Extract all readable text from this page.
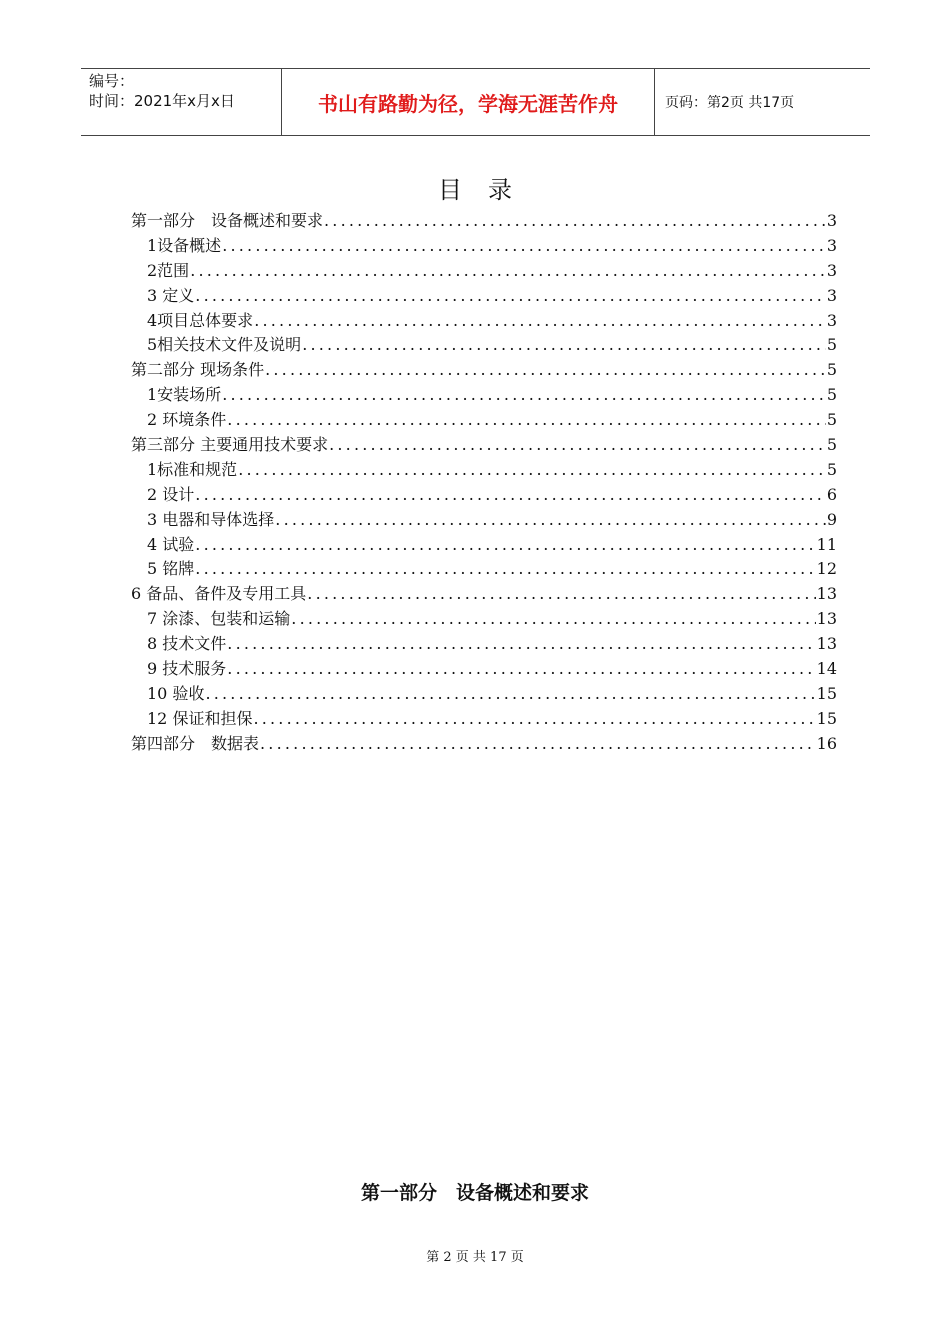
编号：
时间：2021年x月x日	书山有路勤为径，学海无涯苦作舟	页码：第2页 共17页
目录
第一部分　设备概述和要求 .....	3
1设备概述 .....	3
2范围 .....	3
3 定义 .....	3
4项目总体要求 .....	3
5相关技术文件及说明 .....	5
第二部分 现场条件 .....	5
1安装场所 .....	5
2 环境条件 .....	5
第三部分 主要通用技术要求 .....	5
1标准和规范 .....	5
2 设计 .....	6
3 电器和导体选择 .....	9
4 试验 .....	11
5 铭牌 .....	12
6 备品、备件及专用工具 .....	13
7 涂漆、包装和运输 .....	13
8 技术文件 .....	13
9 技术服务 .....	14
10 验收 .....	15
12 保证和担保 .....	15
第四部分　数据表 .....	16
第一部分　设备概述和要求
第 2 页 共 17 页
